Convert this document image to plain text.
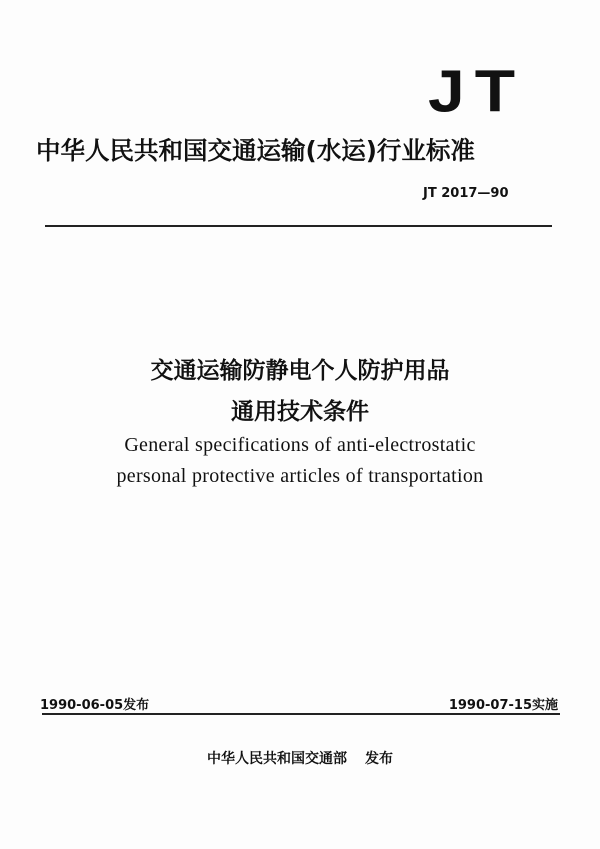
JT
中华人民共和国交通运输(水运)行业标准
JT 2017—90
交通运输防静电个人防护用品
通用技术条件
General specifications of anti-electrostatic
personal protective articles of transportation
1990-06-05发布	1990-07-15实施
中华人民共和国交通部 发布
